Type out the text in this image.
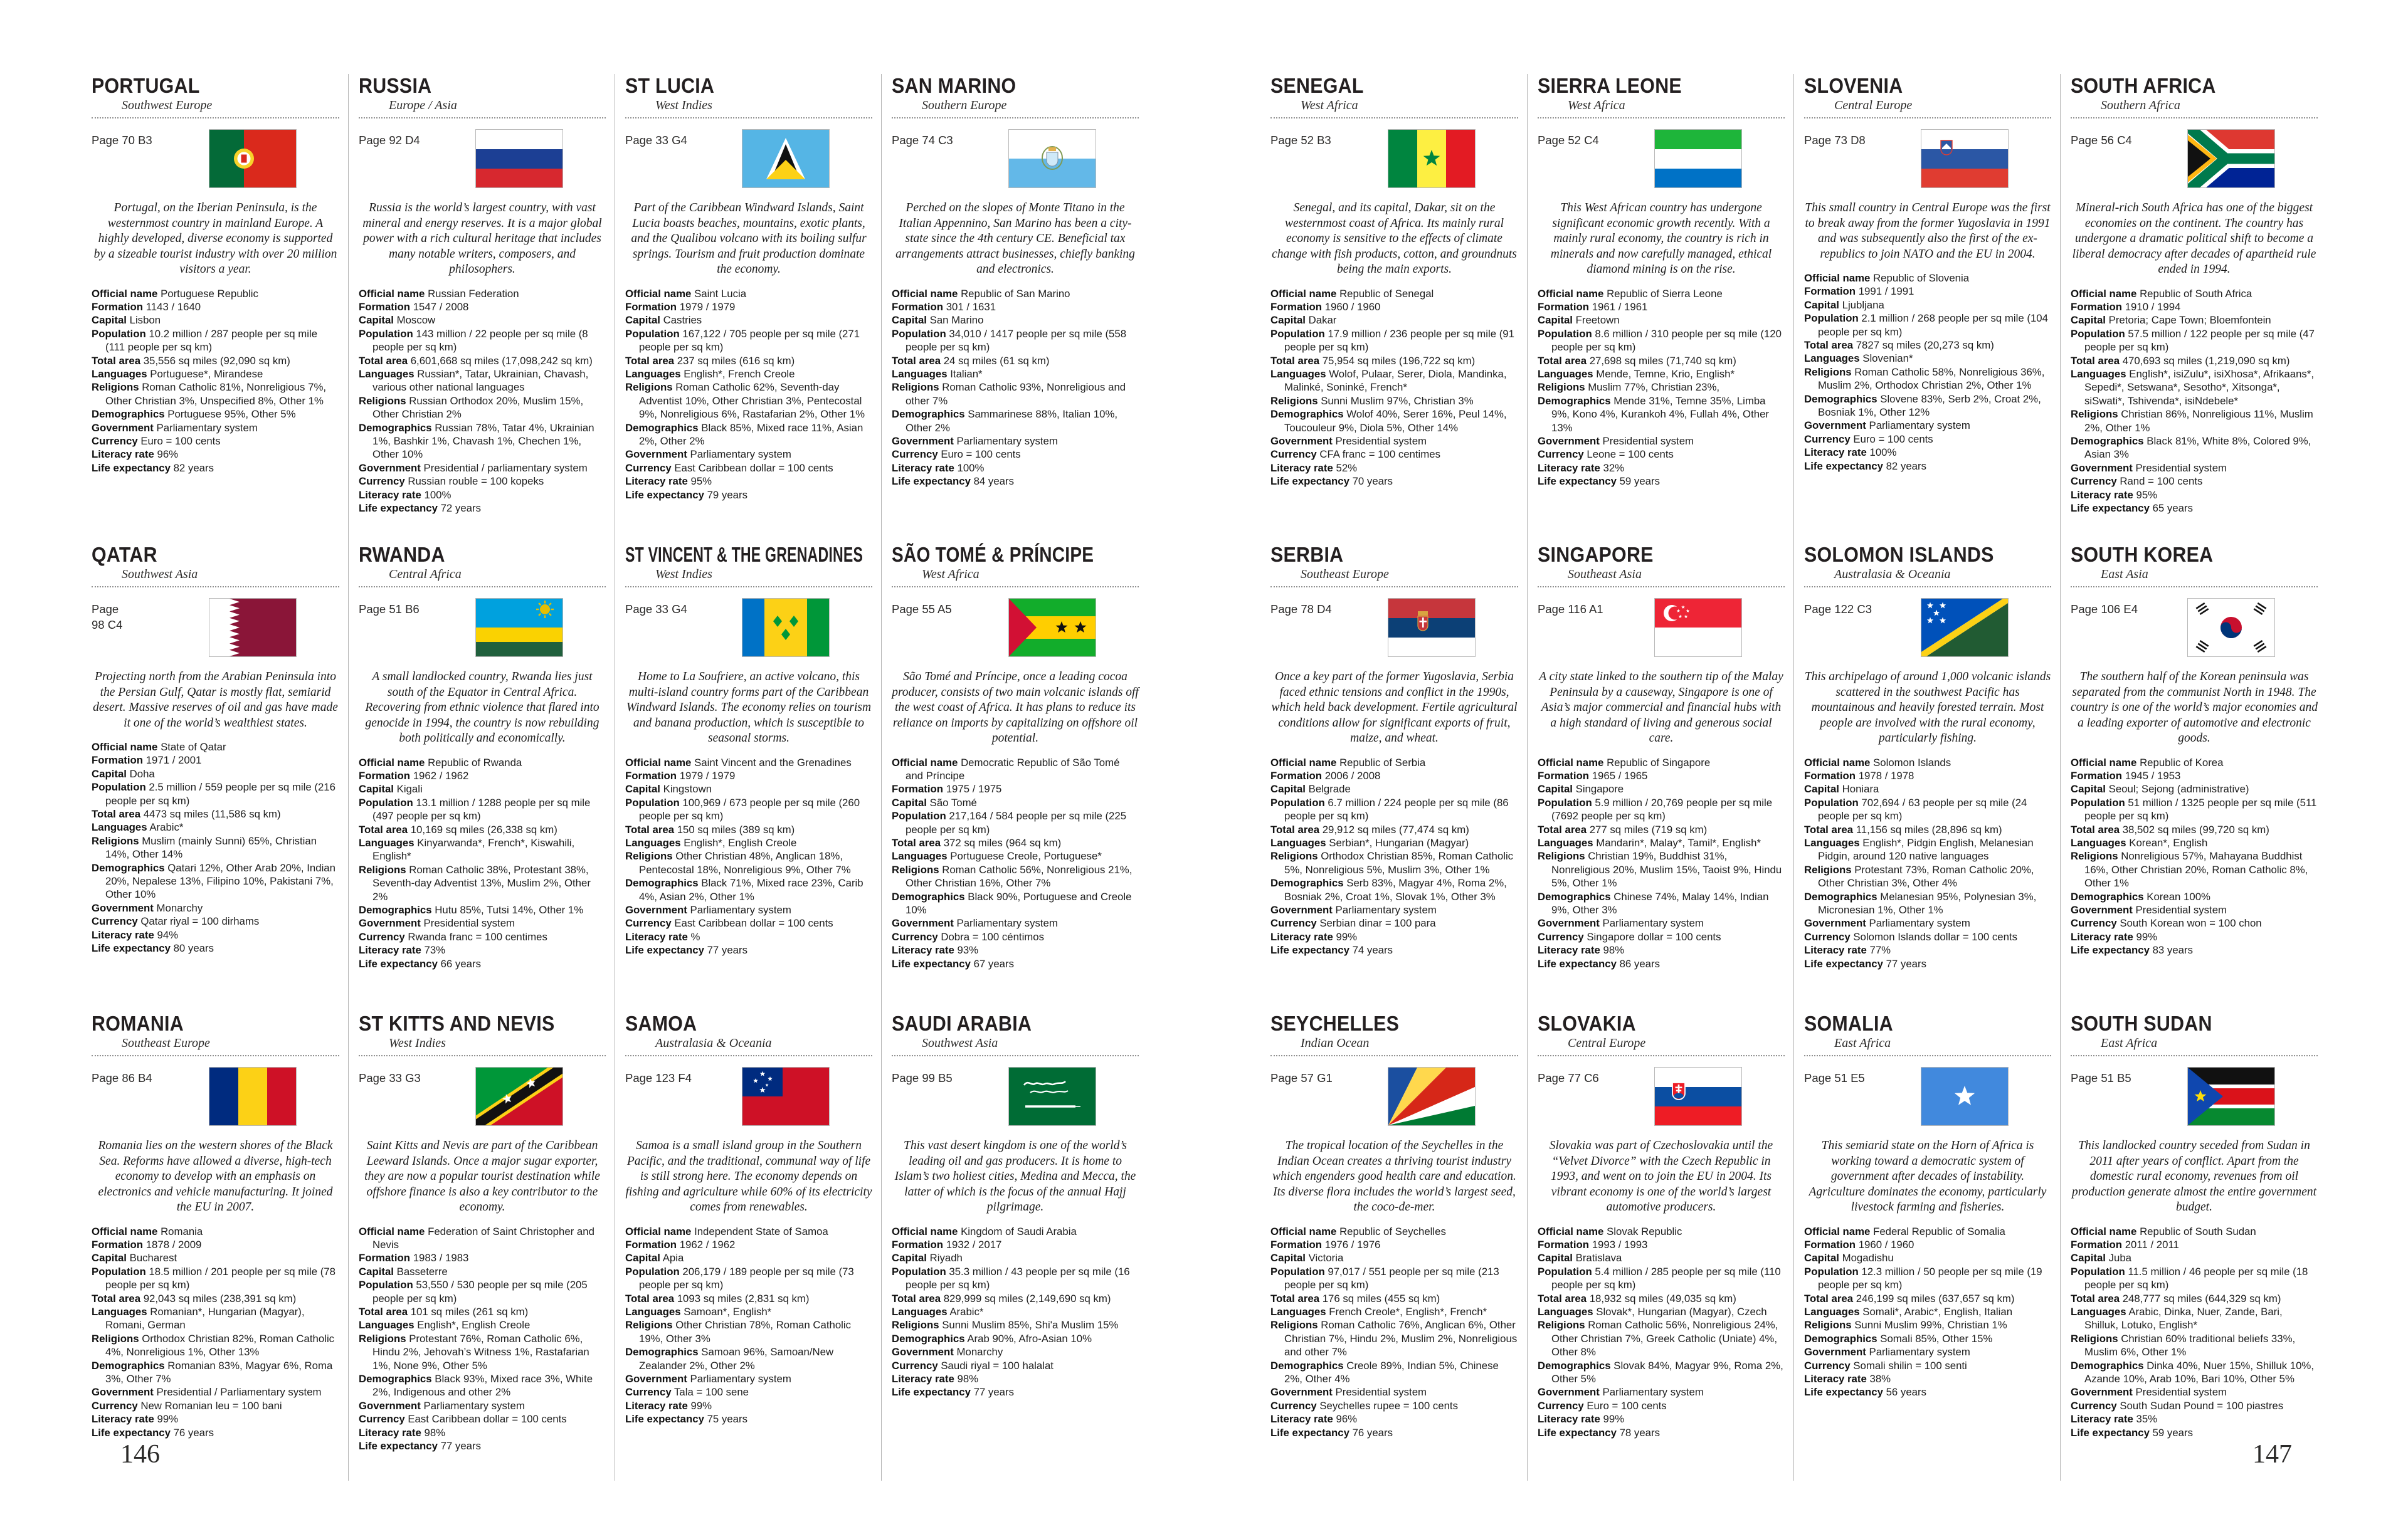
PORTUGAL
Southwest Europe
Page 70 B3
Portugal, on the Iberian Peninsula, is the westernmost country in mainland Europe. A highly developed, diverse economy is supported by a sizeable tourist industry with over 20 million visitors a year.
Official name Portuguese Republic
Formation 1143 / 1640
Capital Lisbon
Population 10.2 million / 287 people per sq mile (111 people per sq km)
Total area 35,556 sq miles (92,090 sq km)
Languages Portuguese*, Mirandese
Religions Roman Catholic 81%, Nonreligious 7%, Other Christian 3%, Unspecified 8%, Other 1%
Demographics Portuguese 95%, Other 5%
Government Parliamentary system
Currency Euro = 100 cents
Literacy rate 96%
Life expectancy 82 years
RUSSIA
Europe / Asia
Page 92 D4
Russia is the world’s largest country, with vast mineral and energy reserves. It is a major global power with a rich cultural heritage that includes many notable writers, composers, and philosophers.
Official name Russian Federation
Formation 1547 / 2008
Capital Moscow
Population 143 million / 22 people per sq mile (8 people per sq km)
Total area 6,601,668 sq miles (17,098,242 sq km)
Languages Russian*, Tatar, Ukrainian, Chavash, various other national languages
Religions Russian Orthodox 20%, Muslim 15%, Other Christian 2%
Demographics Russian 78%, Tatar 4%, Ukrainian 1%, Bashkir 1%, Chavash 1%, Chechen 1%, Other 10%
Government Presidential / parliamentary system
Currency Russian rouble = 100 kopeks
Literacy rate 100%
Life expectancy 72 years
ST LUCIA
West Indies
Page 33 G4
Part of the Caribbean Windward Islands, Saint Lucia boasts beaches, mountains, exotic plants, and the Qualibou volcano with its boiling sulfur springs. Tourism and fruit production dominate the economy.
Official name Saint Lucia
Formation 1979 / 1979
Capital Castries
Population 167,122 / 705 people per sq mile (271 people per sq km)
Total area 237 sq miles (616 sq km)
Languages English*, French Creole
Religions Roman Catholic 62%, Seventh-day Adventist 10%, Other Christian 3%, Pentecostal 9%, Nonreligious 6%, Rastafarian 2%, Other 1%
Demographics Black 85%, Mixed race 11%, Asian 2%, Other 2%
Government Parliamentary system
Currency East Caribbean dollar = 100 cents
Literacy rate 95%
Life expectancy 79 years
SAN MARINO
Southern Europe
Page 74 C3
Perched on the slopes of Monte Titano in the Italian Appennino, San Marino has been a city-state since the 4th century CE. Beneficial tax arrangements attract businesses, chiefly banking and electronics.
Official name Republic of San Marino
Formation 301 / 1631
Capital San Marino
Population 34,010 / 1417 people per sq mile (558 people per sq km)
Total area 24 sq miles (61 sq km)
Languages Italian*
Religions Roman Catholic 93%, Nonreligious and other 7%
Demographics Sammarinese 88%, Italian 10%, Other 2%
Government Parliamentary system
Currency Euro = 100 cents
Literacy rate 100%
Life expectancy 84 years
QATAR
Southwest Asia
Page
98 C4
Projecting north from the Arabian Peninsula into the Persian Gulf, Qatar is mostly flat, semiarid desert. Massive reserves of oil and gas have made it one of the world’s wealthiest states.
Official name State of Qatar
Formation 1971 / 2001
Capital Doha
Population 2.5 million / 559 people per sq mile (216 people per sq km)
Total area 4473 sq miles (11,586 sq km)
Languages Arabic*
Religions Muslim (mainly Sunni) 65%, Christian 14%, Other 14%
Demographics Qatari 12%, Other Arab 20%, Indian 20%, Nepalese 13%, Filipino 10%, Pakistani 7%, Other 10%
Government Monarchy
Currency Qatar riyal = 100 dirhams
Literacy rate 94%
Life expectancy 80 years
RWANDA
Central Africa
Page 51 B6
A small landlocked country, Rwanda lies just south of the Equator in Central Africa. Recovering from ethnic violence that flared into genocide in 1994, the country is now rebuilding both politically and economically.
Official name Republic of Rwanda
Formation 1962 / 1962
Capital Kigali
Population 13.1 million / 1288 people per sq mile (497 people per sq km)
Total area 10,169 sq miles (26,338 sq km)
Languages Kinyarwanda*, French*, Kiswahili, English*
Religions Roman Catholic 38%, Protestant 38%, Seventh-day Adventist 13%, Muslim 2%, Other 2%
Demographics Hutu 85%, Tutsi 14%, Other 1%
Government Presidential system
Currency Rwanda franc = 100 centimes
Literacy rate 73%
Life expectancy 66 years
ST VINCENT & THE GRENADINES
West Indies
Page 33 G4
Home to La Soufriere, an active volcano, this multi-island country forms part of the Caribbean Windward Islands. The economy relies on tourism and banana production, which is susceptible to seasonal storms.
Official name Saint Vincent and the Grenadines
Formation 1979 / 1979
Capital Kingstown
Population 100,969 / 673 people per sq mile (260 people per sq km)
Total area 150 sq miles (389 sq km)
Languages English*, English Creole
Religions Other Christian 48%, Anglican 18%, Pentecostal 18%, Nonreligious 9%, Other 7%
Demographics Black 71%, Mixed race 23%, Carib 4%, Asian 2%, Other 1%
Government Parliamentary system
Currency East Caribbean dollar = 100 cents
Literacy rate %
Life expectancy 77 years
SÃO TOMÉ & PRÍNCIPE
West Africa
Page 55 A5
São Tomé and Príncipe, once a leading cocoa producer, consists of two main volcanic islands off the west coast of Africa. It has plans to reduce its reliance on imports by capitalizing on offshore oil potential.
Official name Democratic Republic of São Tomé and Príncipe
Formation 1975 / 1975
Capital São Tomé
Population 217,164 / 584 people per sq mile (225 people per sq km)
Total area 372 sq miles (964 sq km)
Languages Portuguese Creole, Portuguese*
Religions Roman Catholic 56%, Nonreligious 21%, Other Christian 16%, Other 7%
Demographics Black 90%, Portuguese and Creole 10%
Government Parliamentary system
Currency Dobra = 100 céntimos
Literacy rate 93%
Life expectancy 67 years
ROMANIA
Southeast Europe
Page 86 B4
Romania lies on the western shores of the Black Sea. Reforms have allowed a diverse, high-tech economy to develop with an emphasis on electronics and vehicle manufacturing. It joined the EU in 2007.
Official name Romania
Formation 1878 / 2009
Capital Bucharest
Population 18.5 million / 201 people per sq mile (78 people per sq km)
Total area 92,043 sq miles (238,391 sq km)
Languages Romanian*, Hungarian (Magyar), Romani, German
Religions Orthodox Christian 82%, Roman Catholic 4%, Nonreligious 1%, Other 13%
Demographics Romanian 83%, Magyar 6%, Roma 3%, Other 7%
Government Presidential / Parliamentary system
Currency New Romanian leu = 100 bani
Literacy rate 99%
Life expectancy 76 years
ST KITTS AND NEVIS
West Indies
Page 33 G3
Saint Kitts and Nevis are part of the Caribbean Leeward Islands. Once a major sugar exporter, they are now a popular tourist destination while offshore finance is also a key contributor to the economy.
Official name Federation of Saint Christopher and Nevis
Formation 1983 / 1983
Capital Basseterre
Population 53,550 / 530 people per sq mile (205 people per sq km)
Total area 101 sq miles (261 sq km)
Languages English*, English Creole
Religions Protestant 76%, Roman Catholic 6%, Hindu 2%, Jehovah’s Witness 1%, Rastafarian 1%, None 9%, Other 5%
Demographics Black 93%, Mixed race 3%, White 2%, Indigenous and other 2%
Government Parliamentary system
Currency East Caribbean dollar = 100 cents
Literacy rate 98%
Life expectancy 77 years
SAMOA
Australasia & Oceania
Page 123 F4
Samoa is a small island group in the Southern Pacific, and the traditional, communal way of life is still strong here. The economy depends on fishing and agriculture while 60% of its electricity comes from renewables.
Official name Independent State of Samoa
Formation 1962 / 1962
Capital Apia
Population 206,179 / 189 people per sq mile (73 people per sq km)
Total area 1093 sq miles (2,831 sq km)
Languages Samoan*, English*
Religions Other Christian 78%, Roman Catholic 19%, Other 3%
Demographics Samoan 96%, Samoan/New Zealander 2%, Other 2%
Government Parliamentary system
Currency Tala = 100 sene
Literacy rate 99%
Life expectancy 75 years
SAUDI ARABIA
Southwest Asia
Page 99 B5
This vast desert kingdom is one of the world’s leading oil and gas producers. It is home to Islam’s two holiest cities, Medina and Mecca, the latter of which is the focus of the annual Hajj pilgrimage.
Official name Kingdom of Saudi Arabia
Formation 1932 / 2017
Capital Riyadh
Population 35.3 million / 43 people per sq mile (16 people per sq km)
Total area 829,999 sq miles (2,149,690 sq km)
Languages Arabic*
Religions Sunni Muslim 85%, Shi'a Muslim 15%
Demographics Arab 90%, Afro-Asian 10%
Government Monarchy
Currency Saudi riyal = 100 halalat
Literacy rate 98%
Life expectancy 77 years
SENEGAL
West Africa
Page 52 B3
Senegal, and its capital, Dakar, sit on the westernmost coast of Africa. Its mainly rural economy is sensitive to the effects of climate change with fish products, cotton, and groundnuts being the main exports.
Official name Republic of Senegal
Formation 1960 / 1960
Capital Dakar
Population 17.9 million / 236 people per sq mile (91 people per sq km)
Total area 75,954 sq miles (196,722 sq km)
Languages Wolof, Pulaar, Serer, Diola, Mandinka, Malinké, Soninké, French*
Religions Sunni Muslim 97%, Christian 3%
Demographics Wolof 40%, Serer 16%, Peul 14%, Toucouleur 9%, Diola 5%, Other 14%
Government Presidential system
Currency CFA franc = 100 centimes
Literacy rate 52%
Life expectancy 70 years
SIERRA LEONE
West Africa
Page 52 C4
This West African country has undergone significant economic growth recently. With a mainly rural economy, the country is rich in minerals and now carefully managed, ethical diamond mining is on the rise.
Official name Republic of Sierra Leone
Formation 1961 / 1961
Capital Freetown
Population 8.6 million / 310 people per sq mile (120 people per sq km)
Total area 27,698 sq miles (71,740 sq km)
Languages Mende, Temne, Krio, English*
Religions Muslim 77%, Christian 23%,
Demographics Mende 31%, Temne 35%, Limba 9%, Kono 4%, Kurankoh 4%, Fullah 4%, Other 13%
Government Presidential system
Currency Leone = 100 cents
Literacy rate 32%
Life expectancy 59 years
SLOVENIA
Central Europe
Page 73 D8
This small country in Central Europe was the first to break away from the former Yugoslavia in 1991 and was subsequently also the first of the ex-republics to join NATO and the EU in 2004.
Official name Republic of Slovenia
Formation 1991 / 1991
Capital Ljubljana
Population 2.1 million / 268 people per sq mile (104 people per sq km)
Total area 7827 sq miles (20,273 sq km)
Languages Slovenian*
Religions Roman Catholic 58%, Nonreligious 36%, Muslim 2%, Orthodox Christian 2%, Other 1%
Demographics Slovene 83%, Serb 2%, Croat 2%, Bosniak 1%, Other 12%
Government Parliamentary system
Currency Euro = 100 cents
Literacy rate 100%
Life expectancy 82 years
SOUTH AFRICA
Southern Africa
Page 56 C4
Mineral-rich South Africa has one of the biggest economies on the continent. The country has undergone a dramatic political shift to become a liberal democracy after decades of apartheid rule ended in 1994.
Official name Republic of South Africa
Formation 1910 / 1994
Capital Pretoria; Cape Town; Bloemfontein
Population 57.5 million / 122 people per sq mile (47 people per sq km)
Total area 470,693 sq miles (1,219,090 sq km)
Languages English*, isiZulu*, isiXhosa*, Afrikaans*, Sepedi*, Setswana*, Sesotho*, Xitsonga*, siSwati*, Tshivenda*, isiNdebele*
Religions Christian 86%, Nonreligious 11%, Muslim 2%, Other 1%
Demographics Black 81%, White 8%, Colored 9%, Asian 3%
Government Presidential system
Currency Rand = 100 cents
Literacy rate 95%
Life expectancy 65 years
SERBIA
Southeast Europe
Page 78 D4
Once a key part of the former Yugoslavia, Serbia faced ethnic tensions and conflict in the 1990s, which held back development. Fertile agricultural conditions allow for significant exports of fruit, maize, and wheat.
Official name Republic of Serbia
Formation 2006 / 2008
Capital Belgrade
Population 6.7 million / 224 people per sq mile (86 people per sq km)
Total area 29,912 sq miles (77,474 sq km)
Languages Serbian*, Hungarian (Magyar)
Religions Orthodox Christian 85%, Roman Catholic 5%, Nonreligious 5%, Muslim 3%, Other 1%
Demographics Serb 83%, Magyar 4%, Roma 2%, Bosniak 2%, Croat 1%, Slovak 1%, Other 3%
Government Parliamentary system
Currency Serbian dinar = 100 para
Literacy rate 99%
Life expectancy 74 years
SINGAPORE
Southeast Asia
Page 116 A1
A city state linked to the southern tip of the Malay Peninsula by a causeway, Singapore is one of Asia’s major commercial and financial hubs with a high standard of living and generous social care.
Official name Republic of Singapore
Formation 1965 / 1965
Capital Singapore
Population 5.9 million / 20,769 people per sq mile (7692 people per sq km)
Total area 277 sq miles (719 sq km)
Languages Mandarin*, Malay*, Tamil*, English*
Religions Christian 19%, Buddhist 31%, Nonreligious 20%, Muslim 15%, Taoist 9%, Hindu 5%, Other 1%
Demographics Chinese 74%, Malay 14%, Indian 9%, Other 3%
Government Parliamentary system
Currency Singapore dollar = 100 cents
Literacy rate 98%
Life expectancy 86 years
SOLOMON ISLANDS
Australasia & Oceania
Page 122 C3
This archipelago of around 1,000 volcanic islands scattered in the southwest Pacific has mountainous and heavily forested terrain. Most people are involved with the rural economy, particularly fishing.
Official name Solomon Islands
Formation 1978 / 1978
Capital Honiara
Population 702,694 / 63 people per sq mile (24 people per sq km)
Total area 11,156 sq miles (28,896 sq km)
Languages English*, Pidgin English, Melanesian Pidgin, around 120 native languages
Religions Protestant 73%, Roman Catholic 20%, Other Christian 3%, Other 4%
Demographics Melanesian 95%, Polynesian 3%, Micronesian 1%, Other 1%
Government Parliamentary system
Currency Solomon Islands dollar = 100 cents
Literacy rate 77%
Life expectancy 77 years
SOUTH KOREA
East Asia
Page 106 E4
The southern half of the Korean peninsula was separated from the communist North in 1948. The country is one of the world’s major economies and a leading exporter of automotive and electronic goods.
Official name Republic of Korea
Formation 1945 / 1953
Capital Seoul; Sejong (administrative)
Population 51 million / 1325 people per sq mile (511 people per sq km)
Total area 38,502 sq miles (99,720 sq km)
Languages Korean*, English
Religions Nonreligious 57%, Mahayana Buddhist 16%, Other Christian 20%, Roman Catholic 8%, Other 1%
Demographics Korean 100%
Government Presidential system
Currency South Korean won = 100 chon
Literacy rate 99%
Life expectancy 83 years
SEYCHELLES
Indian Ocean
Page 57 G1
The tropical location of the Seychelles in the Indian Ocean creates a thriving tourist industry which engenders good health care and education. Its diverse flora includes the world’s largest seed, the coco-de-mer.
Official name Republic of Seychelles
Formation 1976 / 1976
Capital Victoria
Population 97,017 / 551 people per sq mile (213 people per sq km)
Total area 176 sq miles (455 sq km)
Languages French Creole*, English*, French*
Religions Roman Catholic 76%, Anglican 6%, Other Christian 7%, Hindu 2%, Muslim 2%, Nonreligious and other 7%
Demographics Creole 89%, Indian 5%, Chinese 2%, Other 4%
Government Presidential system
Currency Seychelles rupee = 100 cents
Literacy rate 96%
Life expectancy 76 years
SLOVAKIA
Central Europe
Page 77 C6
Slovakia was part of Czechoslovakia until the “Velvet Divorce” with the Czech Republic in 1993, and went on to join the EU in 2004. Its vibrant economy is one of the world’s largest automotive producers.
Official name Slovak Republic
Formation 1993 / 1993
Capital Bratislava
Population 5.4 million / 285 people per sq mile (110 people per sq km)
Total area 18,932 sq miles (49,035 sq km)
Languages Slovak*, Hungarian (Magyar), Czech
Religions Roman Catholic 56%, Nonreligious 24%, Other Christian 7%, Greek Catholic (Uniate) 4%, Other 8%
Demographics Slovak 84%, Magyar 9%, Roma 2%, Other 5%
Government Parliamentary system
Currency Euro = 100 cents
Literacy rate 99%
Life expectancy 78 years
SOMALIA
East Africa
Page 51 E5
This semiarid state on the Horn of Africa is working toward a democratic system of government after decades of instability. Agriculture dominates the economy, particularly livestock farming and fisheries.
Official name Federal Republic of Somalia
Formation 1960 / 1960
Capital Mogadishu
Population 12.3 million / 50 people per sq mile (19 people per sq km)
Total area 246,199 sq miles (637,657 sq km)
Languages Somali*, Arabic*, English, Italian
Religions Sunni Muslim 99%, Christian 1%
Demographics Somali 85%, Other 15%
Government Parliamentary system
Currency Somali shilin = 100 senti
Literacy rate 38%
Life expectancy 56 years
SOUTH SUDAN
East Africa
Page 51 B5
This landlocked country seceded from Sudan in 2011 after years of conflict. Apart from the domestic rural economy, revenues from oil production generate almost the entire government budget.
Official name Republic of South Sudan
Formation 2011 / 2011
Capital Juba
Population 11.5 million / 46 people per sq mile (18 people per sq km)
Total area 248,777 sq miles (644,329 sq km)
Languages Arabic, Dinka, Nuer, Zande, Bari, Shilluk, Lotuko, English*
Religions Christian 60% traditional beliefs 33%, Muslim 6%, Other 1%
Demographics Dinka 40%, Nuer 15%, Shilluk 10%, Azande 10%, Arab 10%, Bari 10%, Other 5%
Government Presidential system
Currency South Sudan Pound = 100 piastres
Literacy rate 35%
Life expectancy 59 years
146	147
